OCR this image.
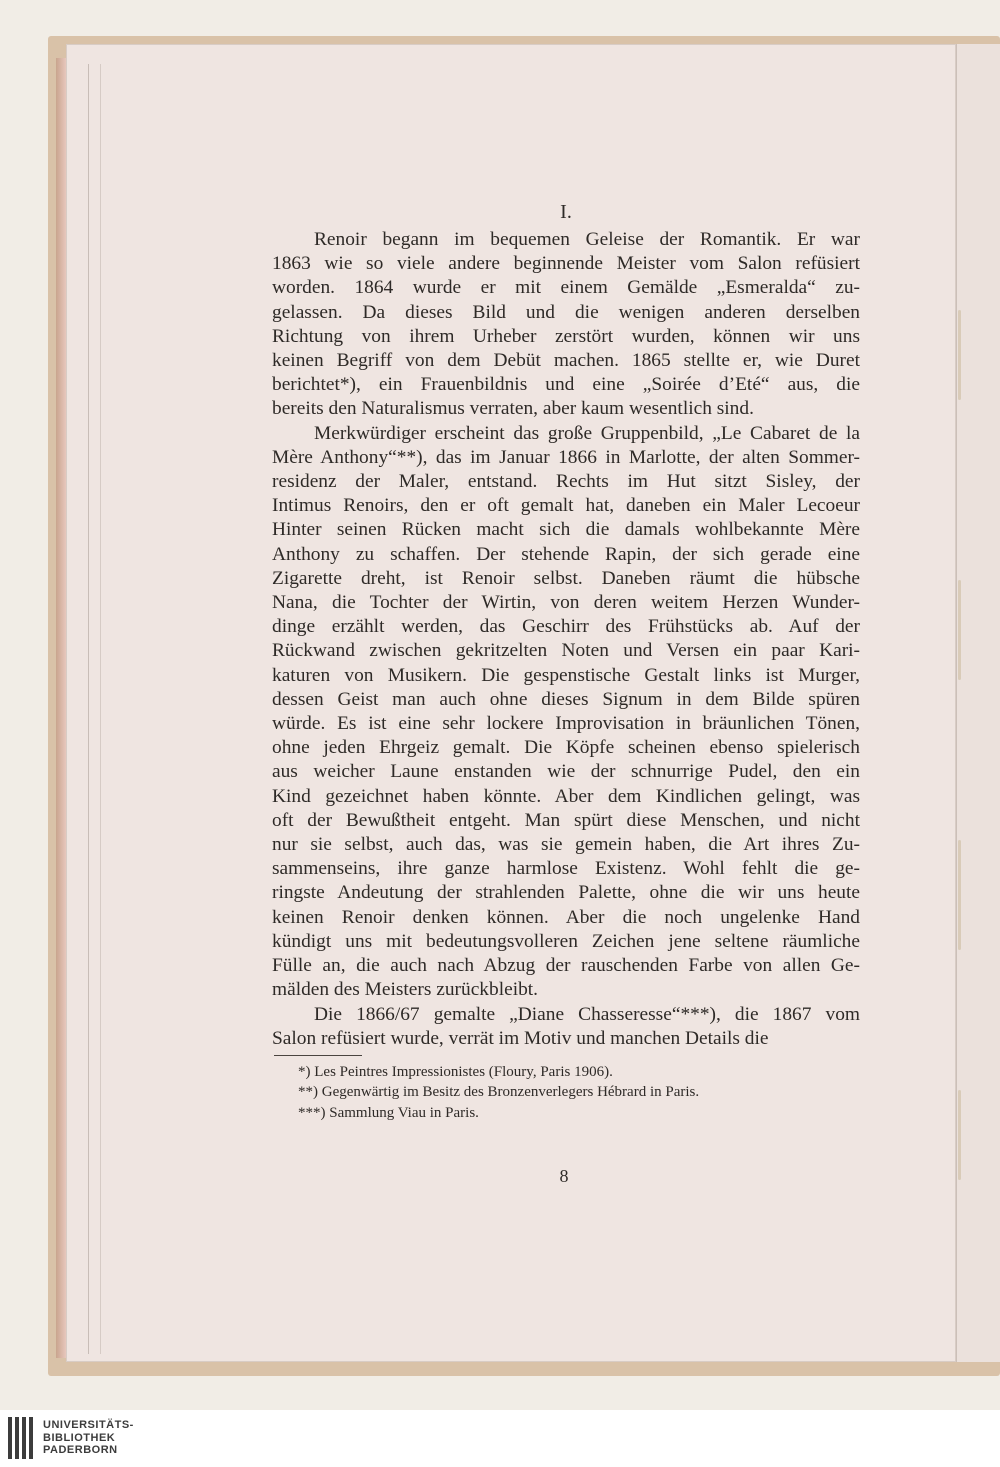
I.
Renoir begann im bequemen Geleise der Romantik. Er war
1863 wie so viele andere beginnende Meister vom Salon refüsiert
worden. 1864 wurde er mit einem Gemälde „Esmeralda“ zu-
gelassen. Da dieses Bild und die wenigen anderen derselben
Richtung von ihrem Urheber zerstört wurden, können wir uns
keinen Begriff von dem Debüt machen. 1865 stellte er, wie Duret
berichtet*), ein Frauenbildnis und eine „Soirée d’Eté“ aus, die
bereits den Naturalismus verraten, aber kaum wesentlich sind.
Merkwürdiger erscheint das große Gruppenbild, „Le Cabaret de la
Mère Anthony“**), das im Januar 1866 in Marlotte, der alten Sommer-
residenz der Maler, entstand. Rechts im Hut sitzt Sisley, der
Intimus Renoirs, den er oft gemalt hat, daneben ein Maler Lecoeur
Hinter seinen Rücken macht sich die damals wohlbekannte Mère
Anthony zu schaffen. Der stehende Rapin, der sich gerade eine
Zigarette dreht, ist Renoir selbst. Daneben räumt die hübsche
Nana, die Tochter der Wirtin, von deren weitem Herzen Wunder-
dinge erzählt werden, das Geschirr des Frühstücks ab. Auf der
Rückwand zwischen gekritzelten Noten und Versen ein paar Kari-
katuren von Musikern. Die gespenstische Gestalt links ist Murger,
dessen Geist man auch ohne dieses Signum in dem Bilde spüren
würde. Es ist eine sehr lockere Improvisation in bräunlichen Tönen,
ohne jeden Ehrgeiz gemalt. Die Köpfe scheinen ebenso spielerisch
aus weicher Laune enstanden wie der schnurrige Pudel, den ein
Kind gezeichnet haben könnte. Aber dem Kindlichen gelingt, was
oft der Bewußtheit entgeht. Man spürt diese Menschen, und nicht
nur sie selbst, auch das, was sie gemein haben, die Art ihres Zu-
sammenseins, ihre ganze harmlose Existenz. Wohl fehlt die ge-
ringste Andeutung der strahlenden Palette, ohne die wir uns heute
keinen Renoir denken können. Aber die noch ungelenke Hand
kündigt uns mit bedeutungsvolleren Zeichen jene seltene räumliche
Fülle an, die auch nach Abzug der rauschenden Farbe von allen Ge-
mälden des Meisters zurückbleibt.
Die 1866/67 gemalte „Diane Chasseresse“***), die 1867 vom
Salon refüsiert wurde, verrät im Motiv und manchen Details die
*) Les Peintres Impressionistes (Floury, Paris 1906).
**) Gegenwärtig im Besitz des Bronzenverlegers Hébrard in Paris.
***) Sammlung Viau in Paris.
8
UNIVERSITÄTS-
BIBLIOTHEK
PADERBORN
